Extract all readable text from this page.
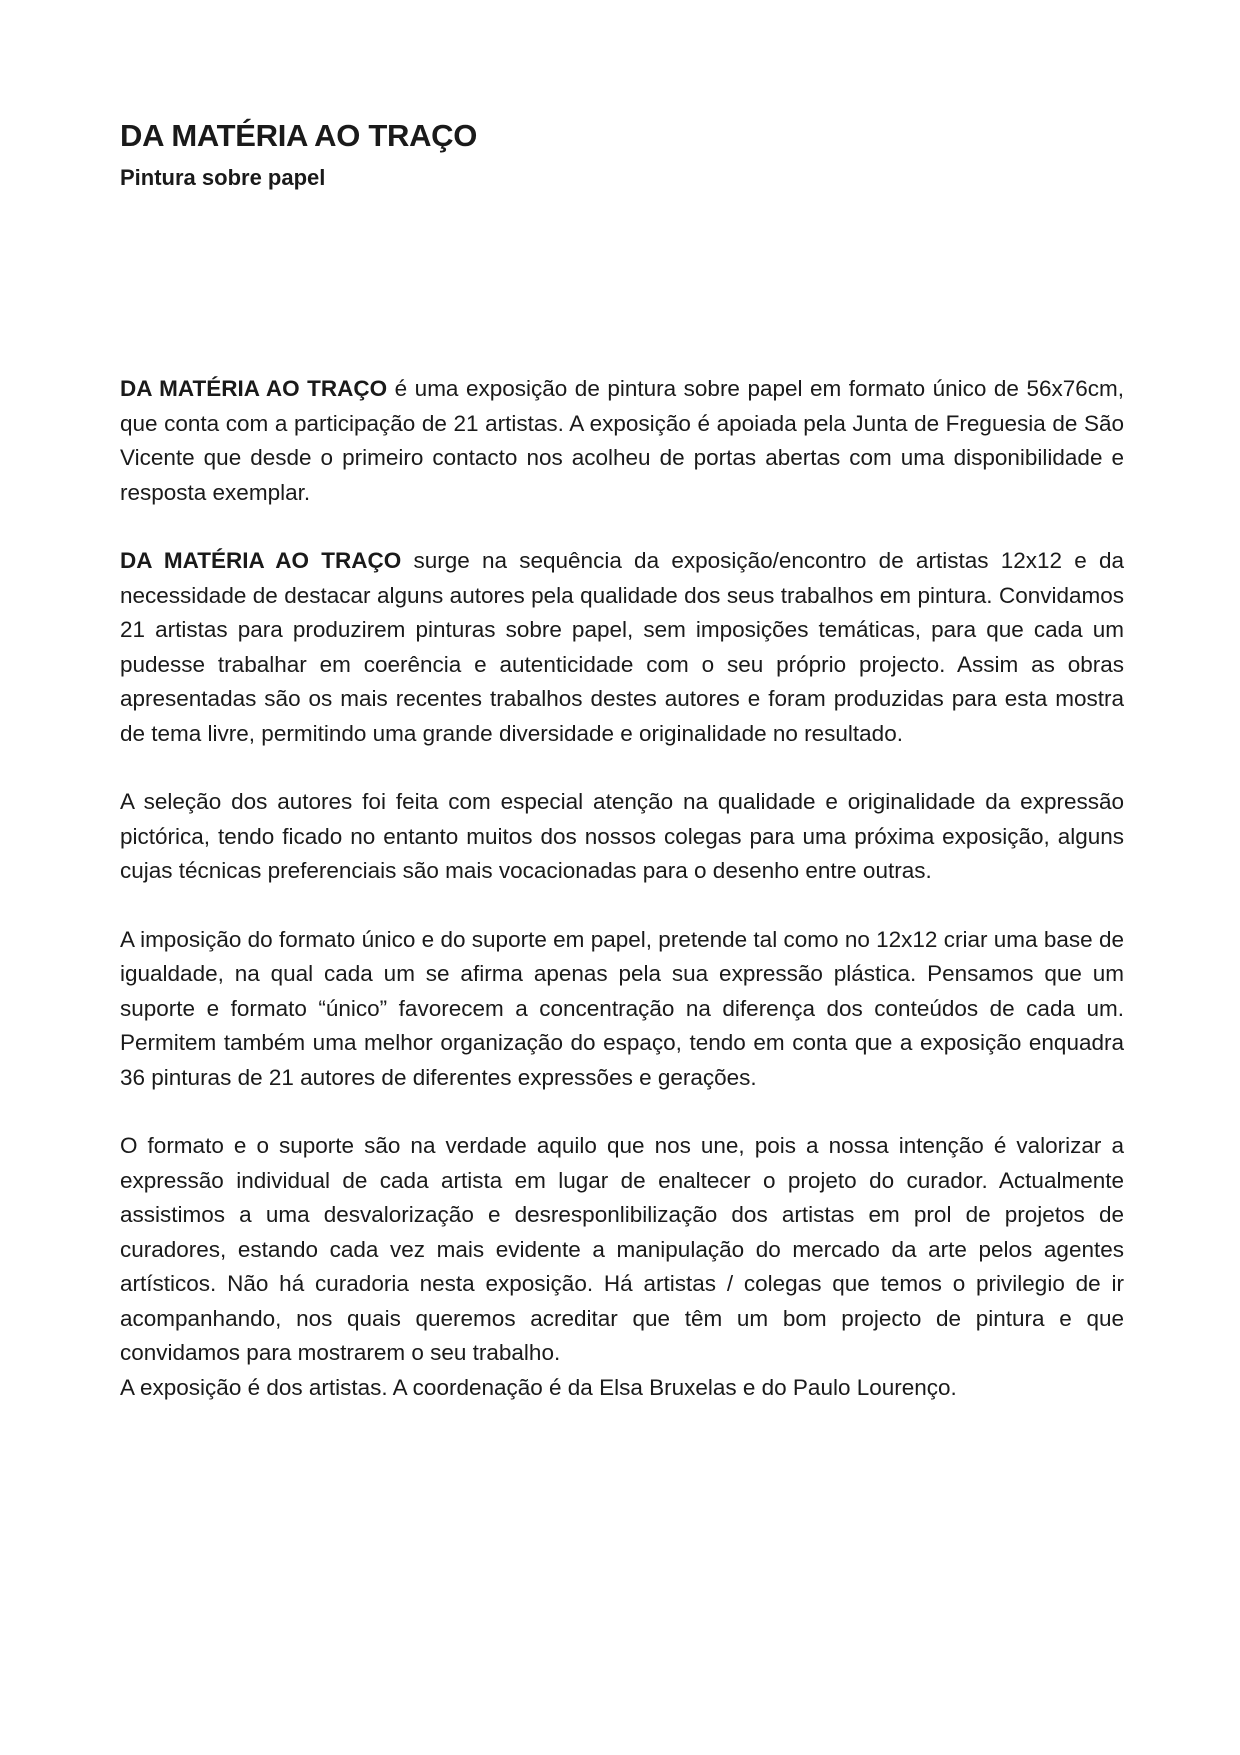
DA MATÉRIA AO TRAÇO
Pintura sobre papel

DA MATÉRIA AO TRAÇO é uma exposição de pintura sobre papel em formato único de 56x76cm, que conta com a participação de 21 artistas. A exposição é apoiada pela Junta de Freguesia de São Vicente que desde o primeiro contacto nos acolheu de portas abertas com uma disponibilidade e resposta exemplar.

DA MATÉRIA AO TRAÇO surge na sequência da exposição/encontro de artistas 12x12 e da necessidade de destacar alguns autores pela qualidade dos seus trabalhos em pintura. Convidamos 21 artistas para produzirem pinturas sobre papel, sem imposições temáticas, para que cada um pudesse trabalhar em coerência e autenticidade com o seu próprio projecto. Assim as obras apresentadas são os mais recentes trabalhos destes autores e foram produzidas para esta mostra de tema livre, permitindo uma grande diversidade e originalidade no resultado.

A seleção dos autores foi feita com especial atenção na qualidade e originalidade da expressão pictórica, tendo ficado no entanto muitos dos nossos colegas para uma próxima exposição, alguns cujas técnicas preferenciais são mais vocacionadas para o desenho entre outras.

A imposição do formato único e do suporte em papel, pretende tal como no 12x12 criar uma base de igualdade, na qual cada um se afirma apenas pela sua expressão plástica. Pensamos que um suporte e formato “único” favorecem a concentração na diferença dos conteúdos de cada um. Permitem também uma melhor organização do espaço, tendo em conta que a exposição enquadra 36 pinturas de 21 autores de diferentes expressões e gerações.

O formato e o suporte são na verdade aquilo que nos une, pois a nossa intenção é valorizar a expressão individual de cada artista em lugar de enaltecer o projeto do curador. Actualmente assistimos a uma desvalorização e desresponlibilização dos artistas em prol de projetos de curadores, estando cada vez mais evidente a manipulação do mercado da arte pelos agentes artísticos. Não há curadoria nesta exposição. Há artistas / colegas que temos o privilegio de ir acompanhando, nos quais queremos acreditar que têm um bom projecto de pintura e que convidamos para mostrarem o seu trabalho.

A exposição é dos artistas. A coordenação é da Elsa Bruxelas e do Paulo Lourenço.
